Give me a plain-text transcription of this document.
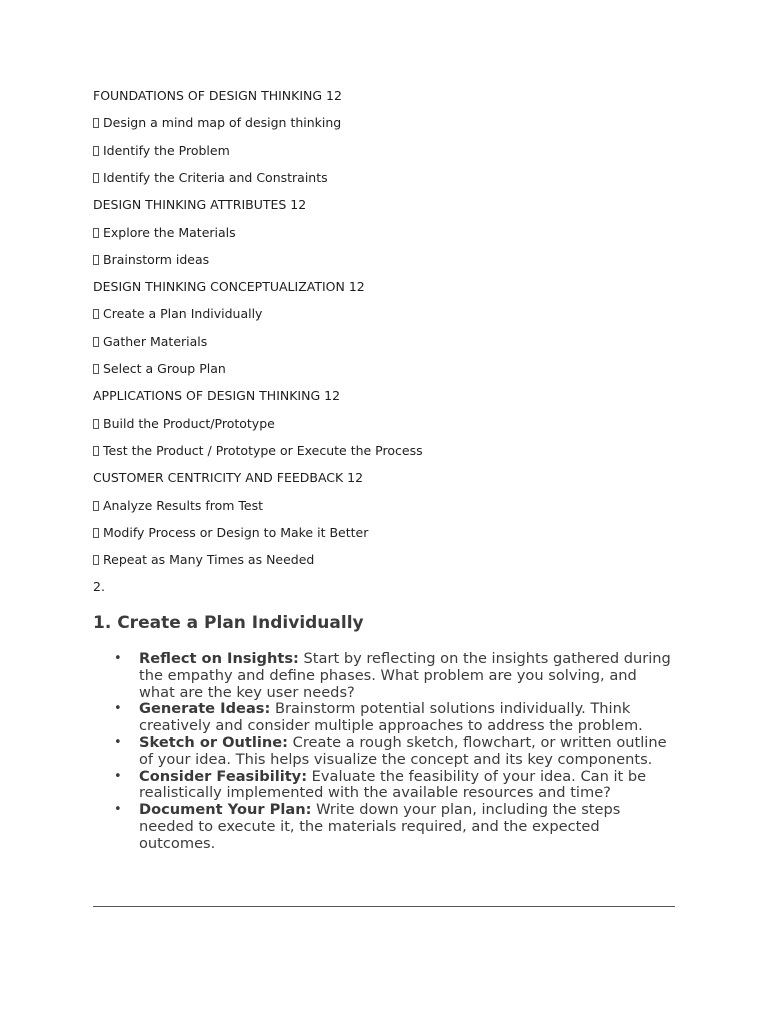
FOUNDATIONS OF DESIGN THINKING 12
Design a mind map of design thinking
Identify the Problem
Identify the Criteria and Constraints
DESIGN THINKING ATTRIBUTES 12
Explore the Materials
Brainstorm ideas
DESIGN THINKING CONCEPTUALIZATION 12
Create a Plan Individually
Gather Materials
Select a Group Plan
APPLICATIONS OF DESIGN THINKING 12
Build the Product/Prototype
Test the Product / Prototype or Execute the Process
CUSTOMER CENTRICITY AND FEEDBACK 12
Analyze Results from Test
Modify Process or Design to Make it Better
Repeat as Many Times as Needed
2.
1. Create a Plan Individually
• Reflect on Insights: Start by reflecting on the insights gathered during the empathy and define phases. What problem are you solving, and what are the key user needs?
• Generate Ideas: Brainstorm potential solutions individually. Think creatively and consider multiple approaches to address the problem.
• Sketch or Outline: Create a rough sketch, flowchart, or written outline of your idea. This helps visualize the concept and its key components.
• Consider Feasibility: Evaluate the feasibility of your idea. Can it be realistically implemented with the available resources and time?
• Document Your Plan: Write down your plan, including the steps needed to execute it, the materials required, and the expected outcomes.
